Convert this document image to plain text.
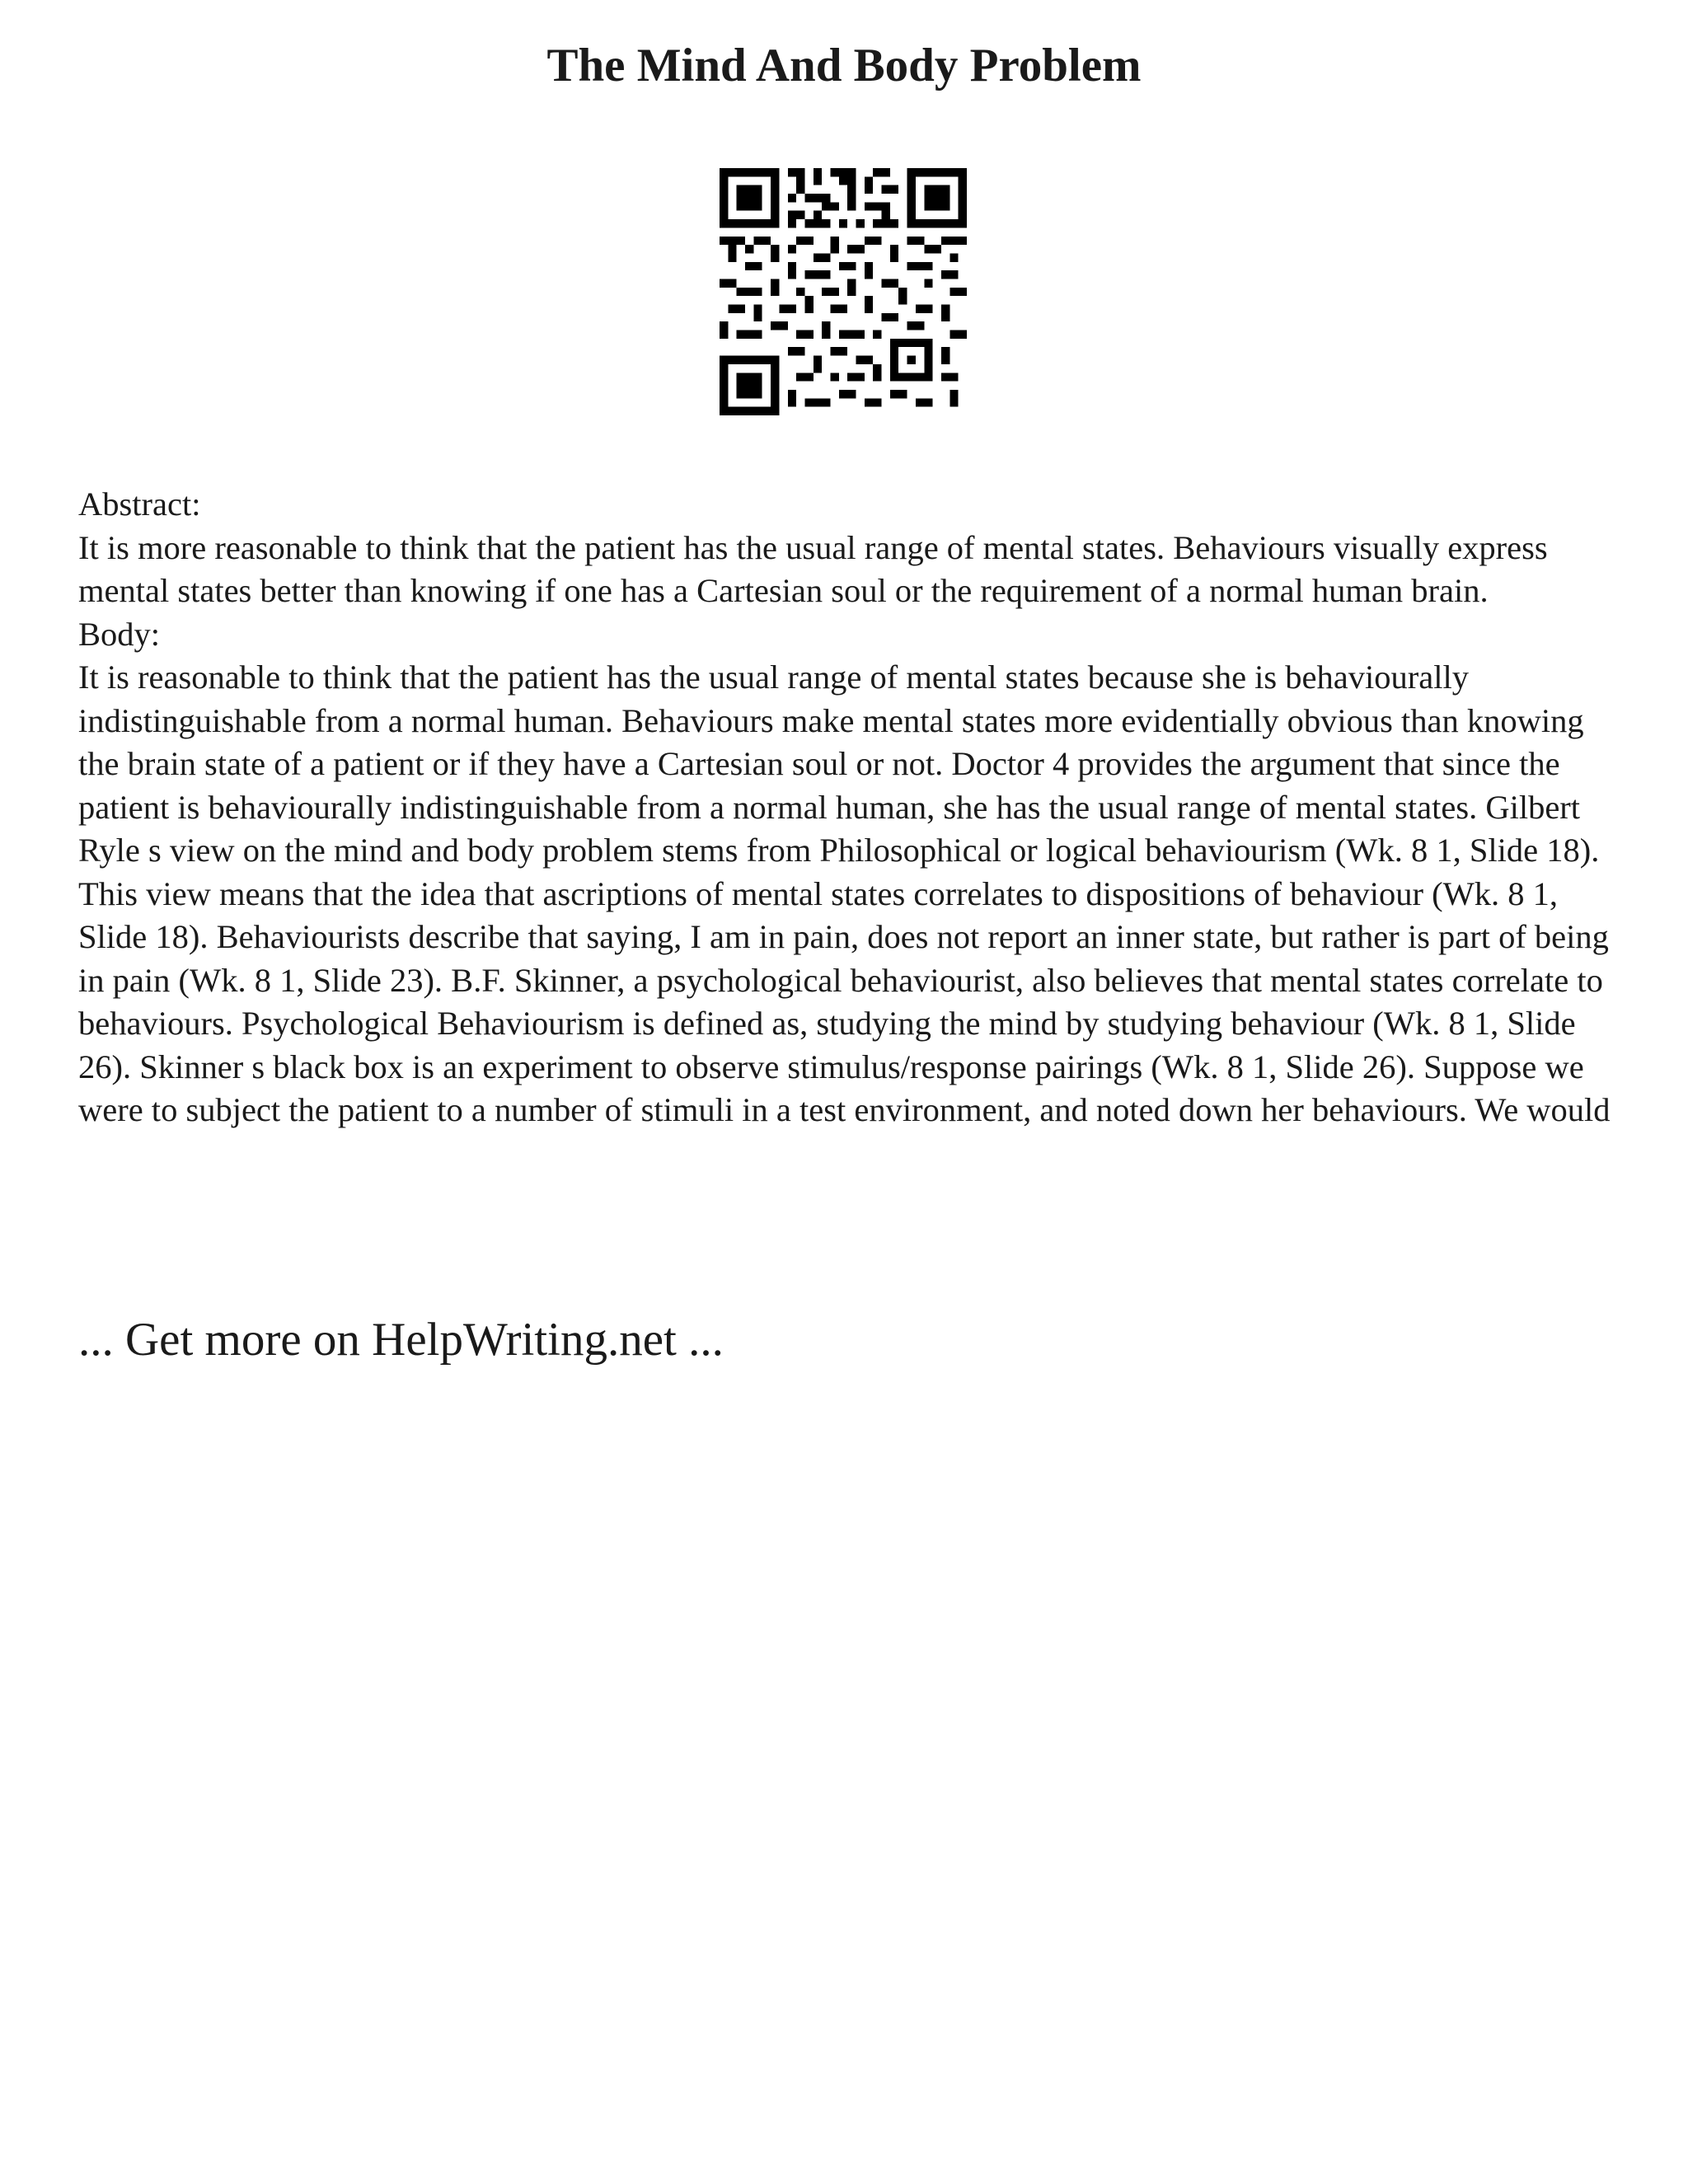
The Mind And Body Problem

Abstract:

It is more reasonable to think that the patient has the usual range of mental states. Behaviours visually express mental states better than knowing if one has a Cartesian soul or the requirement of a normal human brain.

Body:

It is reasonable to think that the patient has the usual range of mental states because she is behaviourally indistinguishable from a normal human. Behaviours make mental states more evidentially obvious than knowing the brain state of a patient or if they have a Cartesian soul or not. Doctor 4 provides the argument that since the patient is behaviourally indistinguishable from a normal human, she has the usual range of mental states. Gilbert Ryle s view on the mind and body problem stems from Philosophical or logical behaviourism (Wk. 8 1, Slide 18). This view means that the idea that ascriptions of mental states correlates to dispositions of behaviour (Wk. 8 1, Slide 18). Behaviourists describe that saying, I am in pain, does not report an inner state, but rather is part of being in pain (Wk. 8 1, Slide 23). B.F. Skinner, a psychological behaviourist, also believes that mental states correlate to behaviours. Psychological Behaviourism is defined as, studying the mind by studying behaviour (Wk. 8 1, Slide 26). Skinner s black box is an experiment to observe stimulus/response pairings (Wk. 8 1, Slide 26). Suppose we were to subject the patient to a number of stimuli in a test environment, and noted down her behaviours. We would

... Get more on HelpWriting.net ...
